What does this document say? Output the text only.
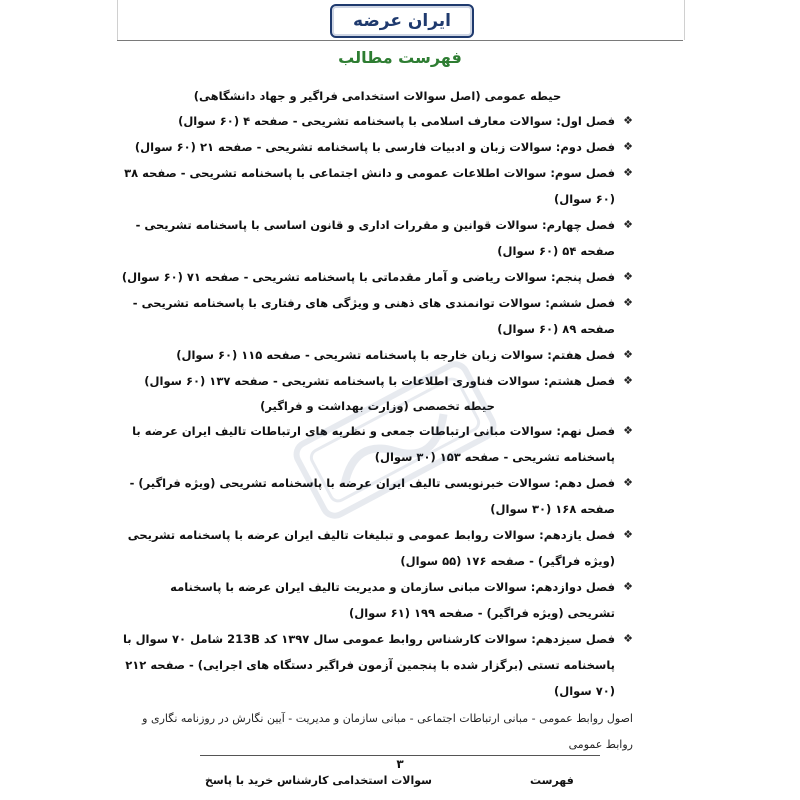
ایران عرضه
فهرست مطالب
حیطه عمومی (اصل سوالات استخدامی فراگیر و جهاد دانشگاهی)
❖
فصل اول: سوالات معارف اسلامی با پاسخنامه تشریحی - صفحه ۴ (۶۰ سوال)
❖
فصل دوم: سوالات زبان و ادبیات فارسی با پاسخنامه تشریحی - صفحه ۲۱ (۶۰ سوال)
❖
فصل سوم: سوالات اطلاعات عمومی و دانش اجتماعی با پاسخنامه تشریحی - صفحه ۳۸ (۶۰ سوال)
❖
فصل چهارم: سوالات قوانین و مقررات اداری و قانون اساسی با پاسخنامه تشریحی - صفحه ۵۴ (۶۰ سوال)
❖
فصل پنجم: سوالات ریاضی و آمار مقدماتی با پاسخنامه تشریحی - صفحه ۷۱ (۶۰ سوال)
❖
فصل ششم: سوالات توانمندی های ذهنی و ویژگی های رفتاری با پاسخنامه تشریحی - صفحه ۸۹ (۶۰ سوال)
❖
فصل هفتم: سوالات زبان خارجه با پاسخنامه تشریحی - صفحه ۱۱۵ (۶۰ سوال)
❖
فصل هشتم: سوالات فناوری اطلاعات با پاسخنامه تشریحی - صفحه ۱۳۷ (۶۰ سوال)
حیطه تخصصی (وزارت بهداشت و فراگیر)
❖
فصل نهم: سوالات مبانی ارتباطات جمعی و نظریه های ارتباطات تالیف ایران عرضه با پاسخنامه تشریحی - صفحه ۱۵۳ (۳۰ سوال)
❖
فصل دهم: سوالات خبرنویسی تالیف ایران عرضه با پاسخنامه تشریحی (ویژه فراگیر) - صفحه ۱۶۸ (۳۰ سوال)
❖
فصل یازدهم: سوالات روابط عمومی و تبلیغات تالیف ایران عرضه با پاسخنامه تشریحی (ویژه فراگیر) - صفحه ۱۷۶ (۵۵ سوال)
❖
فصل دوازدهم: سوالات مبانی سازمان و مدیریت تالیف ایران عرضه با پاسخنامه تشریحی (ویژه فراگیر) - صفحه ۱۹۹ (۶۱ سوال)
❖
فصل سیزدهم: سوالات کارشناس روابط عمومی سال ۱۳۹۷ کد 213B شامل ۷۰ سوال با پاسخنامه تستی (برگزار شده با پنجمین آزمون فراگیر دستگاه های اجرایی) - صفحه ۲۱۲ (۷۰ سوال)
اصول روابط عمومی - مبانی ارتباطات اجتماعی - مبانی سازمان و مدیریت - آیین نگارش در روزنامه نگاری و روابط عمومی
۳
سوالات استخدامی کارشناس خرید با پاسخ	فهرست
